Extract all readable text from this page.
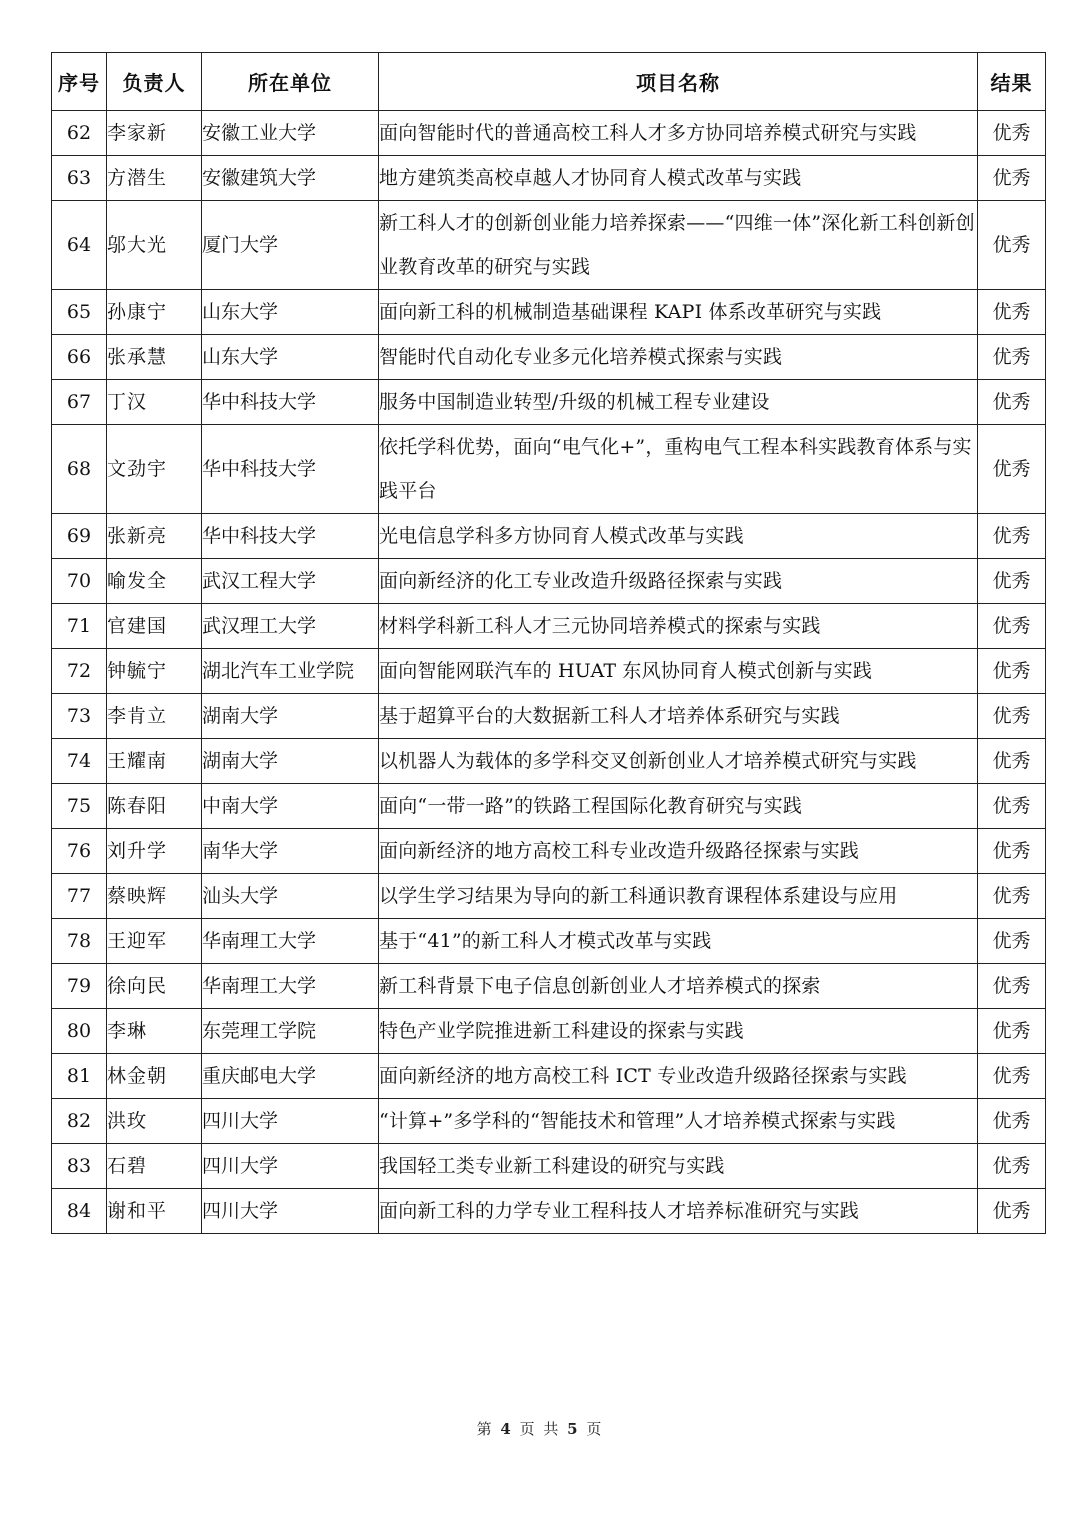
序号	负责人	所在单位	项目名称	结果
62	李家新	安徽工业大学	面向智能时代的普通高校工科人才多方协同培养模式研究与实践	优秀
63	方潜生	安徽建筑大学	地方建筑类高校卓越人才协同育人模式改革与实践	优秀
64	邬大光	厦门大学	新工科人才的创新创业能力培养探索——“四维一体”深化新工科创新创业教育改革的研究与实践	优秀
65	孙康宁	山东大学	面向新工科的机械制造基础课程 KAPI 体系改革研究与实践	优秀
66	张承慧	山东大学	智能时代自动化专业多元化培养模式探索与实践	优秀
67	丁汉	华中科技大学	服务中国制造业转型/升级的机械工程专业建设	优秀
68	文劲宇	华中科技大学	依托学科优势，面向“电气化+”，重构电气工程本科实践教育体系与实践平台	优秀
69	张新亮	华中科技大学	光电信息学科多方协同育人模式改革与实践	优秀
70	喻发全	武汉工程大学	面向新经济的化工专业改造升级路径探索与实践	优秀
71	官建国	武汉理工大学	材料学科新工科人才三元协同培养模式的探索与实践	优秀
72	钟毓宁	湖北汽车工业学院	面向智能网联汽车的 HUAT 东风协同育人模式创新与实践	优秀
73	李肯立	湖南大学	基于超算平台的大数据新工科人才培养体系研究与实践	优秀
74	王耀南	湖南大学	以机器人为载体的多学科交叉创新创业人才培养模式研究与实践	优秀
75	陈春阳	中南大学	面向“一带一路”的铁路工程国际化教育研究与实践	优秀
76	刘升学	南华大学	面向新经济的地方高校工科专业改造升级路径探索与实践	优秀
77	蔡映辉	汕头大学	以学生学习结果为导向的新工科通识教育课程体系建设与应用	优秀
78	王迎军	华南理工大学	基于“41”的新工科人才模式改革与实践	优秀
79	徐向民	华南理工大学	新工科背景下电子信息创新创业人才培养模式的探索	优秀
80	李琳	东莞理工学院	特色产业学院推进新工科建设的探索与实践	优秀
81	林金朝	重庆邮电大学	面向新经济的地方高校工科 ICT 专业改造升级路径探索与实践	优秀
82	洪玫	四川大学	“计算+”多学科的“智能技术和管理”人才培养模式探索与实践	优秀
83	石碧	四川大学	我国轻工类专业新工科建设的研究与实践	优秀
84	谢和平	四川大学	面向新工科的力学专业工程科技人才培养标准研究与实践	优秀
第 4 页 共 5 页
